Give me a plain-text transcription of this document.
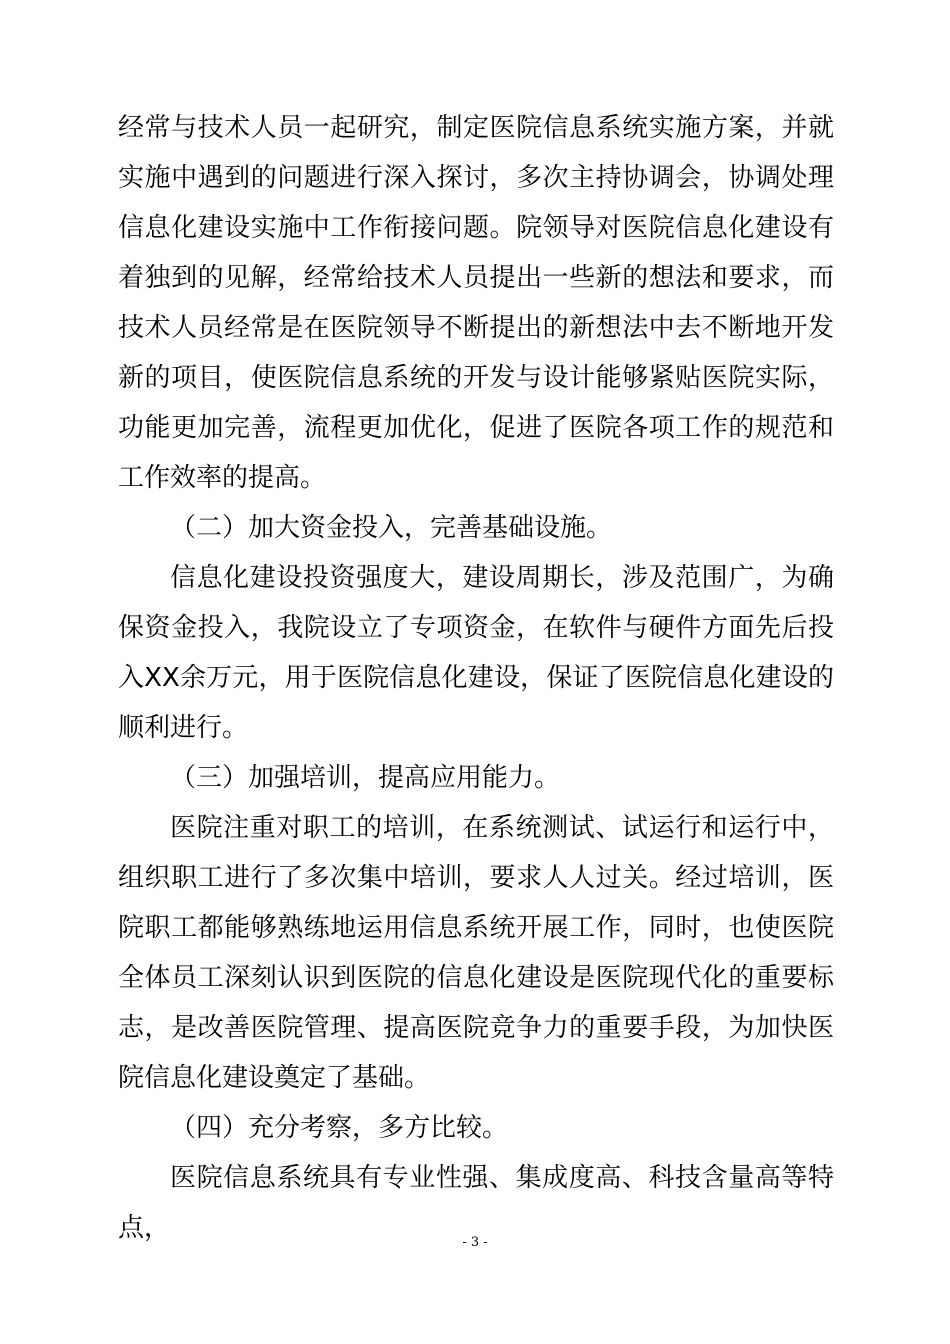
经常与技术人员一起研究，制定医院信息系统实施方案，并就实施中遇到的问题进行深入探讨，多次主持协调会，协调处理信息化建设实施中工作衔接问题。院领导对医院信息化建设有着独到的见解，经常给技术人员提出一些新的想法和要求，而技术人员经常是在医院领导不断提出的新想法中去不断地开发新的项目，使医院信息系统的开发与设计能够紧贴医院实际，功能更加完善，流程更加优化，促进了医院各项工作的规范和工作效率的提高。

（二）加大资金投入，完善基础设施。

信息化建设投资强度大，建设周期长，涉及范围广，为确保资金投入，我院设立了专项资金，在软件与硬件方面先后投入XX余万元，用于医院信息化建设，保证了医院信息化建设的顺利进行。

（三）加强培训，提高应用能力。

医院注重对职工的培训，在系统测试、试运行和运行中，组织职工进行了多次集中培训，要求人人过关。经过培训，医院职工都能够熟练地运用信息系统开展工作，同时，也使医院全体员工深刻认识到医院的信息化建设是医院现代化的重要标志，是改善医院管理、提高医院竞争力的重要手段，为加快医院信息化建设奠定了基础。

（四）充分考察，多方比较。

医院信息系统具有专业性强、集成度高、科技含量高等特点，	- 3 -
